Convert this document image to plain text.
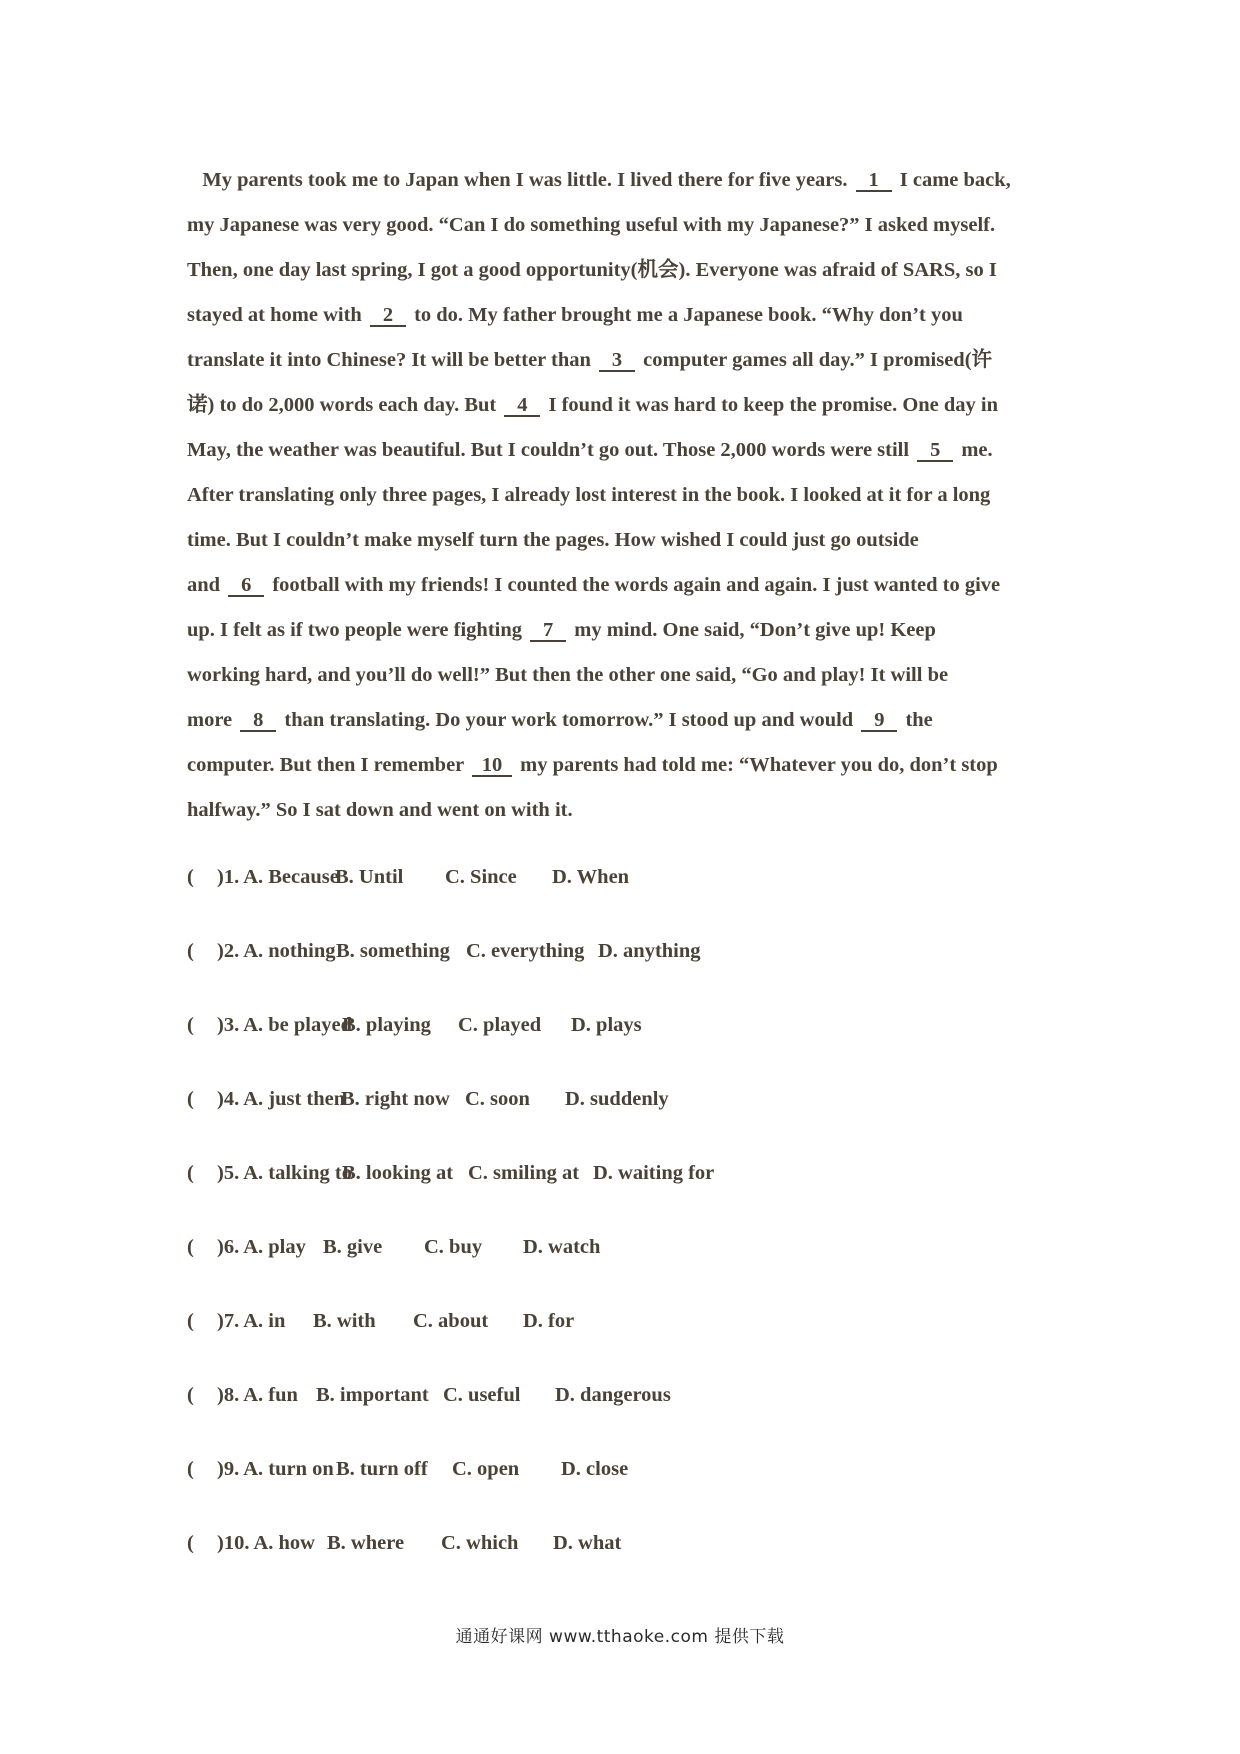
My parents took me to Japan when I was little. I lived there for five years. 1 I came back,
my Japanese was very good. “Can I do something useful with my Japanese?” I asked myself.
Then, one day last spring, I got a good opportunity(机会). Everyone was afraid of SARS, so I
stayed at home with 2 to do. My father brought me a Japanese book. “Why don’t you
translate it into Chinese? It will be better than 3 computer games all day.” I promised(许
诺) to do 2,000 words each day. But 4 I found it was hard to keep the promise. One day in
May, the weather was beautiful. But I couldn’t go out. Those 2,000 words were still 5 me.
After translating only three pages, I already lost interest in the book. I looked at it for a long
time. But I couldn’t make myself turn the pages. How wished I could just go outside
and 6 football with my friends! I counted the words again and again. I just wanted to give
up. I felt as if two people were fighting 7 my mind. One said, “Don’t give up! Keep
working hard, and you’ll do well!” But then the other one said, “Go and play! It will be
more 8 than translating. Do your work tomorrow.” I stood up and would 9 the
computer. But then I remember 10 my parents had told me: “Whatever you do, don’t stop
halfway.” So I sat down and went on with it.
( )1. A. Because
B. Until C. Since D. When
( )2. A. nothing B. something C. everything D. anything
( )3. A. be played
B. playing C. played D. plays
( )4. A. just then
B. right now C. soon D. suddenly
( )5. A. talking to
B. looking at C. smiling at D. waiting for
( )6. A. play B. give C. buy D. watch
( )7. A. in B. with C. about D. for
( )8. A. fun B. important C. useful D. dangerous
( )9. A. turn on B. turn off C. open D. close
( )10. A. how B. where C. which D. what
通通好课网 www.tthaoke.com 提供下载
